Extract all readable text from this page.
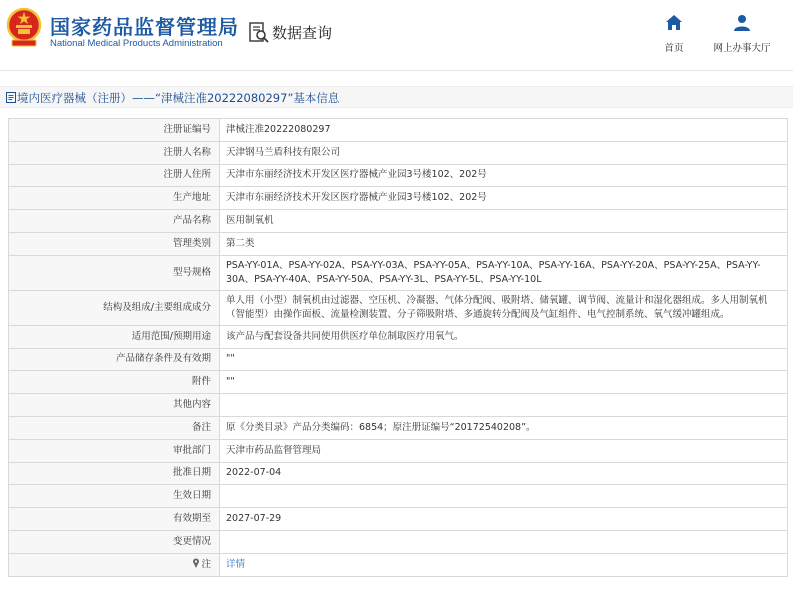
国家药品监督管理局
National Medical Products Administration
数据查询
首页	网上办事大厅
境内医疗器械（注册）——“津械注准20222080297”基本信息
注册证编号	津械注准20222080297
注册人名称	天津钢马兰盾科技有限公司
注册人住所	天津市东丽经济技术开发区医疗器械产业园3号楼102、202号
生产地址	天津市东丽经济技术开发区医疗器械产业园3号楼102、202号
产品名称	医用制氧机
管理类别	第二类
型号规格	PSA-YY-01A、PSA-YY-02A、PSA-YY-03A、PSA-YY-05A、PSA-YY-10A、PSA-YY-16A、PSA-YY-20A、PSA-YY-25A、PSA-YY-30A、PSA-YY-40A、PSA-YY-50A、PSA-YY-3L、PSA-YY-5L、PSA-YY-10L
结构及组成/主要组成成分	单人用（小型）制氧机由过滤器、空压机、冷凝器、气体分配阀、吸附塔、储氧罐、调节阀、流量计和湿化器组成。多人用制氧机（智能型）由操作面板、流量检测装置、分子筛吸附塔、多通旋转分配阀及气缸组件、电气控制系统、氧气缓冲罐组成。
适用范围/预期用途	该产品与配套设备共同使用供医疗单位制取医疗用氧气。
产品储存条件及有效期	""
附件	""
其他内容	
备注	原《分类目录》产品分类编码：6854；原注册证编号“20172540208”。
审批部门	天津市药品监督管理局
批准日期	2022-07-04
生效日期	
有效期至	2027-07-29
变更情况	
注	详情
